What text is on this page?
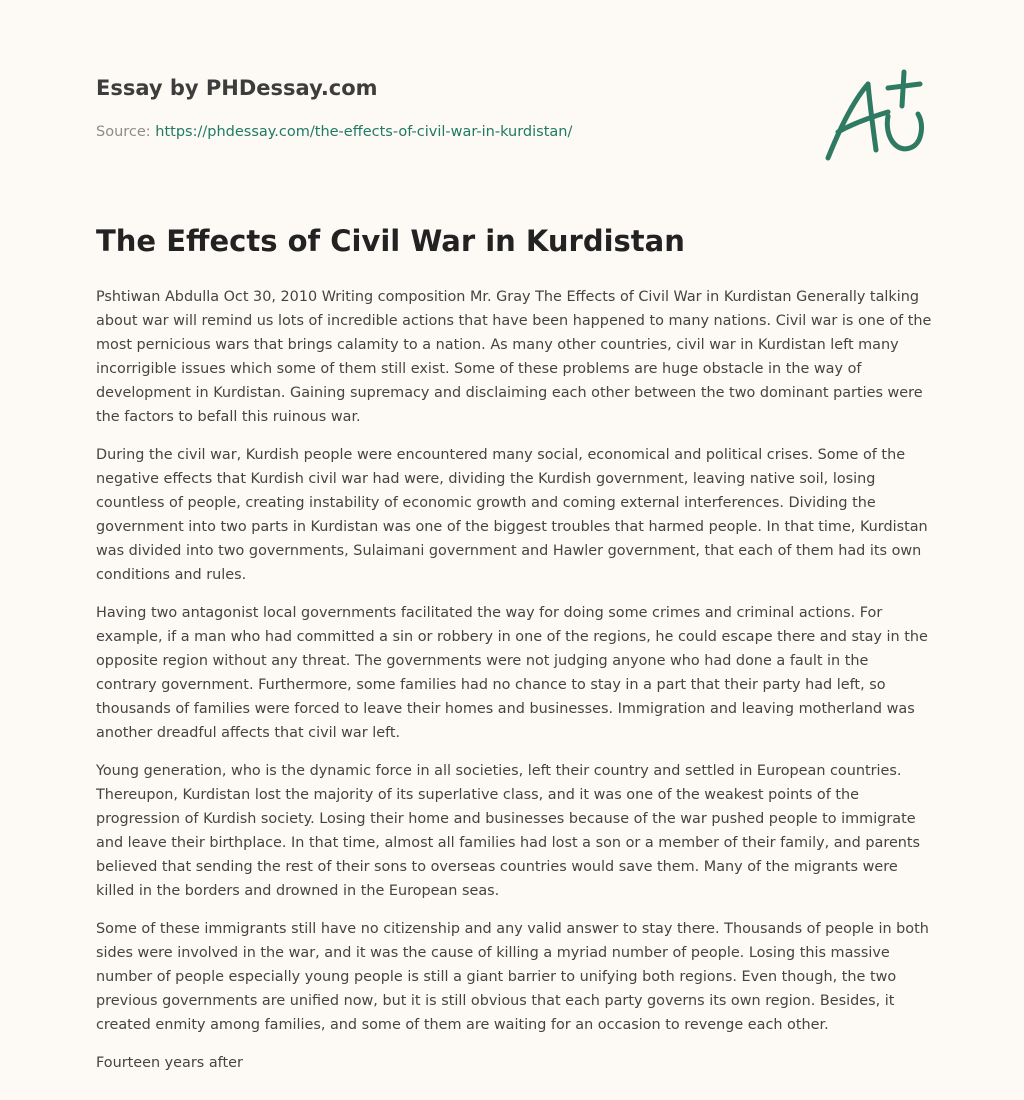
Essay by PHDessay.com
Source: https://phdessay.com/the-effects-of-civil-war-in-kurdistan/
The Effects of Civil War in Kurdistan

Pshtiwan Abdulla Oct 30, 2010 Writing composition Mr. Gray The Effects of Civil War in Kurdistan Generally talking about war will remind us lots of incredible actions that have been happened to many nations. Civil war is one of the most pernicious wars that brings calamity to a nation. As many other countries, civil war in Kurdistan left many incorrigible issues which some of them still exist. Some of these problems are huge obstacle in the way of development in Kurdistan. Gaining supremacy and disclaiming each other between the two dominant parties were the factors to befall this ruinous war.

During the civil war, Kurdish people were encountered many social, economical and political crises. Some of the negative effects that Kurdish civil war had were, dividing the Kurdish government, leaving native soil, losing countless of people, creating instability of economic growth and coming external interferences. Dividing the government into two parts in Kurdistan was one of the biggest troubles that harmed people. In that time, Kurdistan was divided into two governments, Sulaimani government and Hawler government, that each of them had its own conditions and rules.

Having two antagonist local governments facilitated the way for doing some crimes and criminal actions. For example, if a man who had committed a sin or robbery in one of the regions, he could escape there and stay in the opposite region without any threat. The governments were not judging anyone who had done a fault in the contrary government. Furthermore, some families had no chance to stay in a part that their party had left, so thousands of families were forced to leave their homes and businesses. Immigration and leaving motherland was another dreadful affects that civil war left.

Young generation, who is the dynamic force in all societies, left their country and settled in European countries. Thereupon, Kurdistan lost the majority of its superlative class, and it was one of the weakest points of the progression of Kurdish society. Losing their home and businesses because of the war pushed people to immigrate and leave their birthplace. In that time, almost all families had lost a son or a member of their family, and parents believed that sending the rest of their sons to overseas countries would save them. Many of the migrants were killed in the borders and drowned in the European seas.

Some of these immigrants still have no citizenship and any valid answer to stay there. Thousands of people in both sides were involved in the war, and it was the cause of killing a myriad number of people. Losing this massive number of people especially young people is still a giant barrier to unifying both regions. Even though, the two previous governments are unified now, but it is still obvious that each party governs its own region. Besides, it created enmity among families, and some of them are waiting for an occasion to revenge each other.

Fourteen years after
